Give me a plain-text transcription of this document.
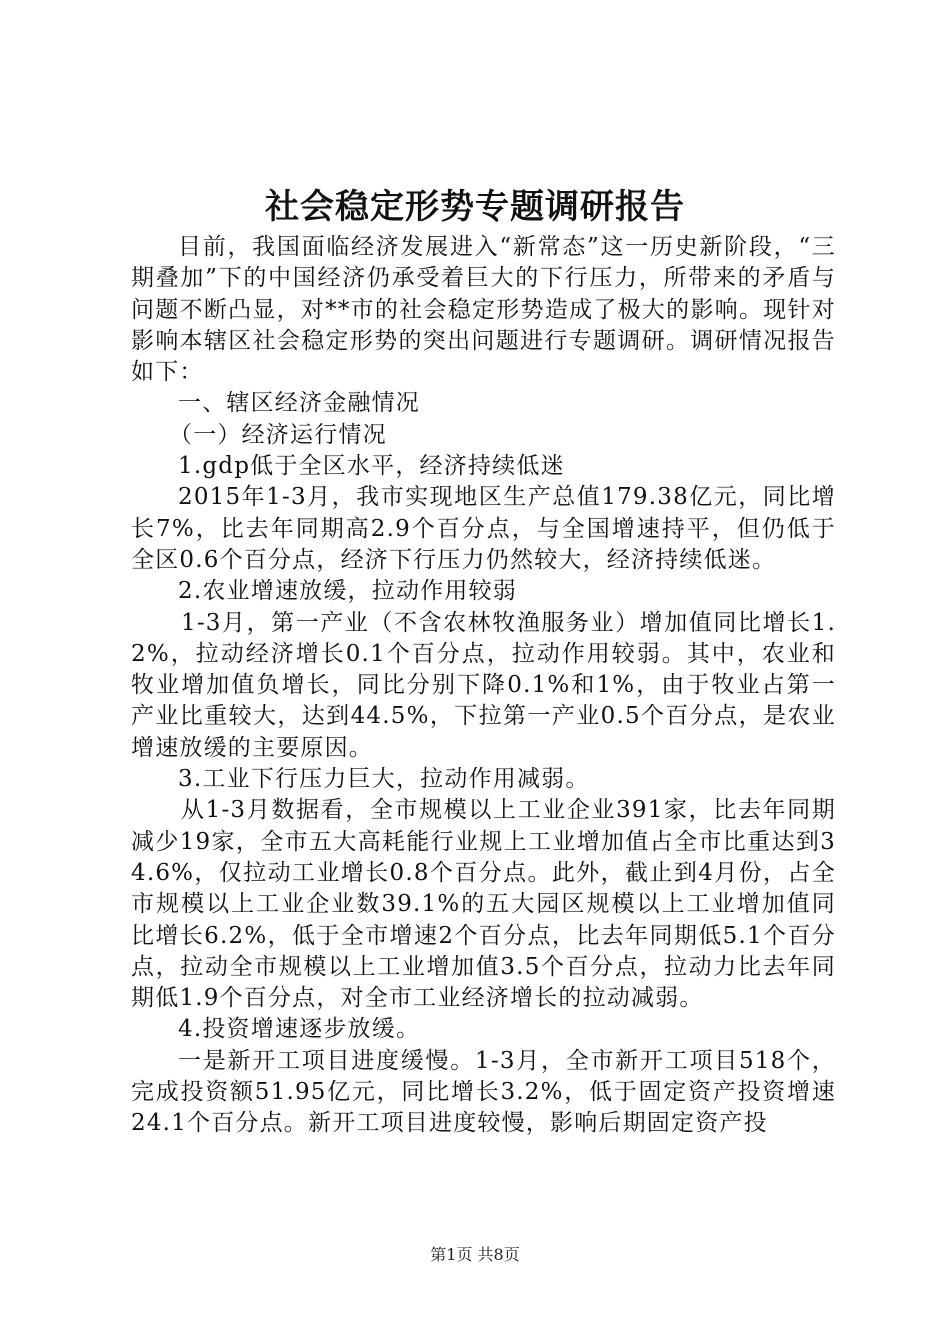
社会稳定形势专题调研报告

目前，我国面临经济发展进入“新常态”这一历史新阶段，“三期叠加”下的中国经济仍承受着巨大的下行压力，所带来的矛盾与问题不断凸显，对**市的社会稳定形势造成了极大的影响。现针对影响本辖区社会稳定形势的突出问题进行专题调研。调研情况报告如下：

一、辖区经济金融情况

（一）经济运行情况

1.gdp低于全区水平，经济持续低迷

2015年1-3月，我市实现地区生产总值179.38亿元，同比增长7%，比去年同期高2.9个百分点，与全国增速持平，但仍低于全区0.6个百分点，经济下行压力仍然较大，经济持续低迷。

2.农业增速放缓，拉动作用较弱

1-3月，第一产业（不含农林牧渔服务业）增加值同比增长1.2%，拉动经济增长0.1个百分点，拉动作用较弱。其中，农业和牧业增加值负增长，同比分别下降0.1%和1%，由于牧业占第一产业比重较大，达到44.5%，下拉第一产业0.5个百分点，是农业增速放缓的主要原因。

3.工业下行压力巨大，拉动作用减弱。

从1-3月数据看，全市规模以上工业企业391家，比去年同期减少19家，全市五大高耗能行业规上工业增加值占全市比重达到34.6%，仅拉动工业增长0.8个百分点。此外，截止到4月份，占全市规模以上工业企业数39.1%的五大园区规模以上工业增加值同比增长6.2%，低于全市增速2个百分点，比去年同期低5.1个百分点，拉动全市规模以上工业增加值3.5个百分点，拉动力比去年同期低1.9个百分点，对全市工业经济增长的拉动减弱。

4.投资增速逐步放缓。

一是新开工项目进度缓慢。1-3月，全市新开工项目518个，完成投资额51.95亿元，同比增长3.2%，低于固定资产投资增速24.1个百分点。新开工项目进度较慢，影响后期固定资产投

第1页 共8页
